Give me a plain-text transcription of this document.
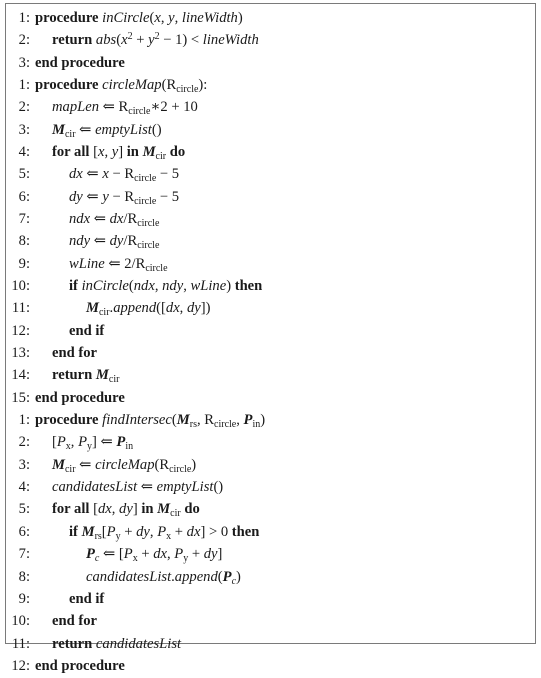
1: procedure inCircle(x, y, lineWidth)
2: return $abs(x^2 + y^2 - 1)$ < lineWidth
3: end procedure
1: procedure $circleMap(R_{circle})$:
2: mapLen ⇐ $R_{circle}∗2 + 10$
3: $M_{cir}$ ⇐ emptyList()
4: for all [x, y] in $M_{cir}$ do
5:	dx ⇐ $x - R_{circle} - 5$
6:	dy ⇐ $y - R_{circle} - 5$
7:	ndx ⇐ $dx/R_{circle}$
8:	ndy ⇐ $dy/R_{circle}$
9:	wLine ⇐ $2/R_{circle}$
10:	if inCircle(ndx, ndy, wLine) then
11:	$M_{cir}.append([dx$, dy])
12:	end if
13: end for
14: return $M_{cir}$
15: end procedure
1: procedure $findIntersec(M_{rs}$, $R_{circle}$, $P_{in}$)
2: [$P_x$, $P_y$] ⇐ $P_{in}$
3: $M_{cir}$ ⇐ $circleMap(R_{circle})$
4: candidatesList ⇐ emptyList()
5: for all [dx, dy] in $M_{cir}$ do
6:	if $M_{rs}[P_y$ + dy, $P_x + dx] > 0$ then
7:	$P_c$ ⇐ [$P_x$ + dx, $P_y + dy$]
8:	$candidatesList.append(P_c)$
9:	end if
10: end for
11: return candidatesList
12: end procedure
